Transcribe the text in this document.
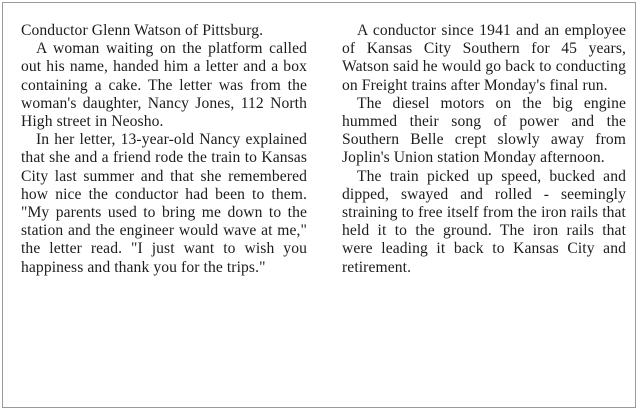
Conductor Glenn Watson of Pittsburg.

A woman waiting on the platform called out his name, handed him a letter and a box containing a cake. The letter was from the woman's daughter, Nancy Jones, 112 North High street in Neosho.

In her letter, 13-year-old Nancy explained that she and a friend rode the train to Kansas City last summer and that she remembered how nice the conductor had been to them. "My parents used to bring me down to the station and the engineer would wave at me," the letter read. "I just want to wish you happiness and thank you for the trips."

A conductor since 1941 and an employee of Kansas City Southern for 45 years, Watson said he would go back to conducting on Freight trains after Monday's final run.

The diesel motors on the big engine hummed their song of power and the Southern Belle crept slowly away from Joplin's Union station Monday afternoon.

The train picked up speed, bucked and dipped, swayed and rolled - seemingly straining to free itself from the iron rails that held it to the ground. The iron rails that were leading it back to Kansas City and retirement.
